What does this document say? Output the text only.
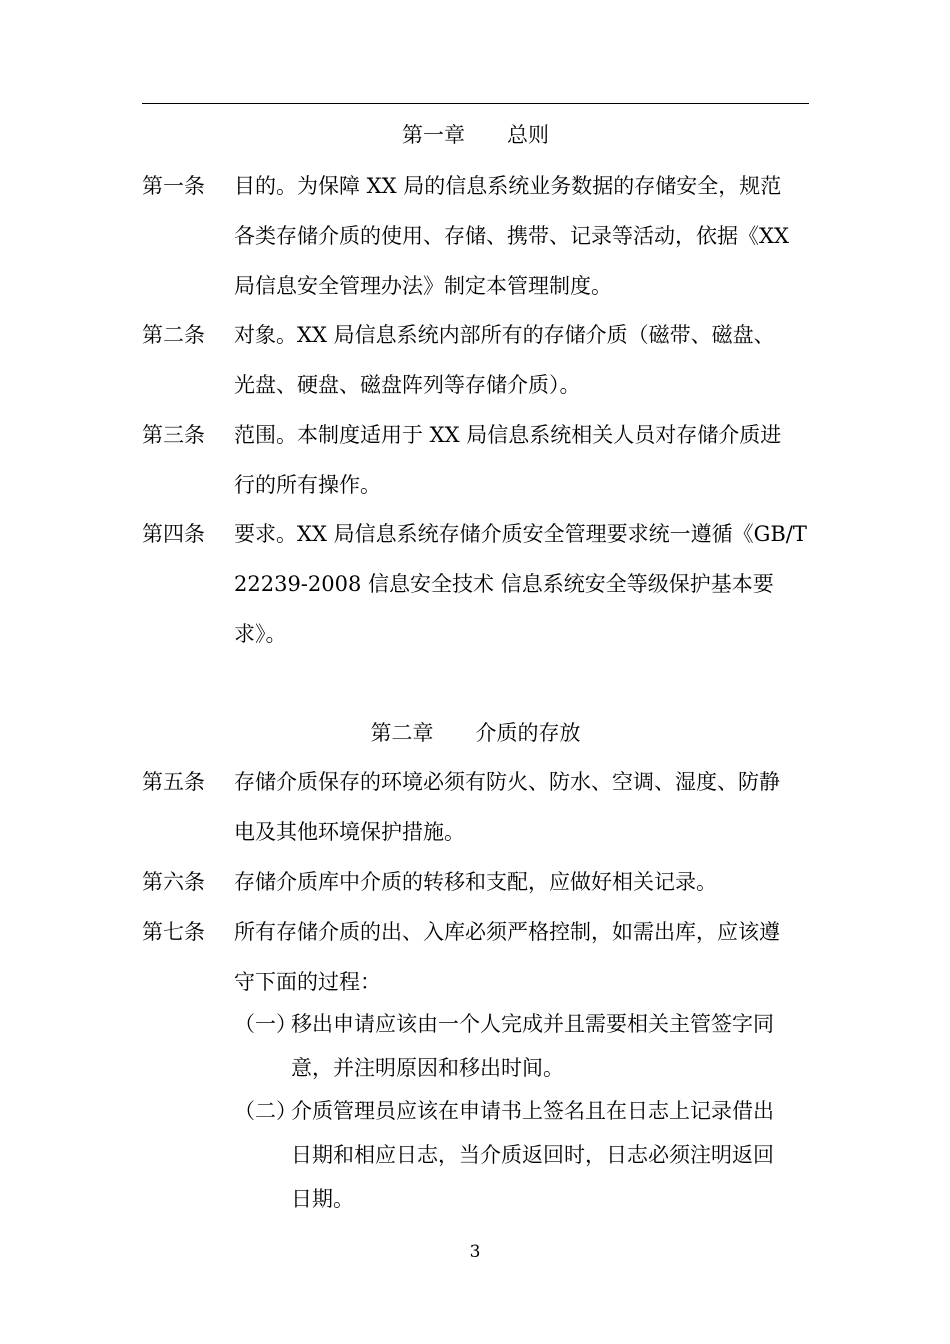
第一章　　总则
第一条	目的。为保障 XX 局的信息系统业务数据的存储安全，规范
各类存储介质的使用、存储、携带、记录等活动，依据《XX
局信息安全管理办法》制定本管理制度。
第二条	对象。XX 局信息系统内部所有的存储介质（磁带、磁盘、
光盘、硬盘、磁盘阵列等存储介质）。
第三条	范围。本制度适用于 XX 局信息系统相关人员对存储介质进
行的所有操作。
第四条	要求。XX 局信息系统存储介质安全管理要求统一遵循《GB/T
22239-2008 信息安全技术 信息系统安全等级保护基本要
求》。
第二章　　介质的存放
第五条	存储介质保存的环境必须有防火、防水、空调、湿度、防静
电及其他环境保护措施。
第六条	存储介质库中介质的转移和支配，应做好相关记录。
第七条	所有存储介质的出、入库必须严格控制，如需出库，应该遵
守下面的过程：
（一）
移出申请应该由一个人完成并且需要相关主管签字同
意，并注明原因和移出时间。
（二）
介质管理员应该在申请书上签名且在日志上记录借出
日期和相应日志，当介质返回时，日志必须注明返回
日期。
3
